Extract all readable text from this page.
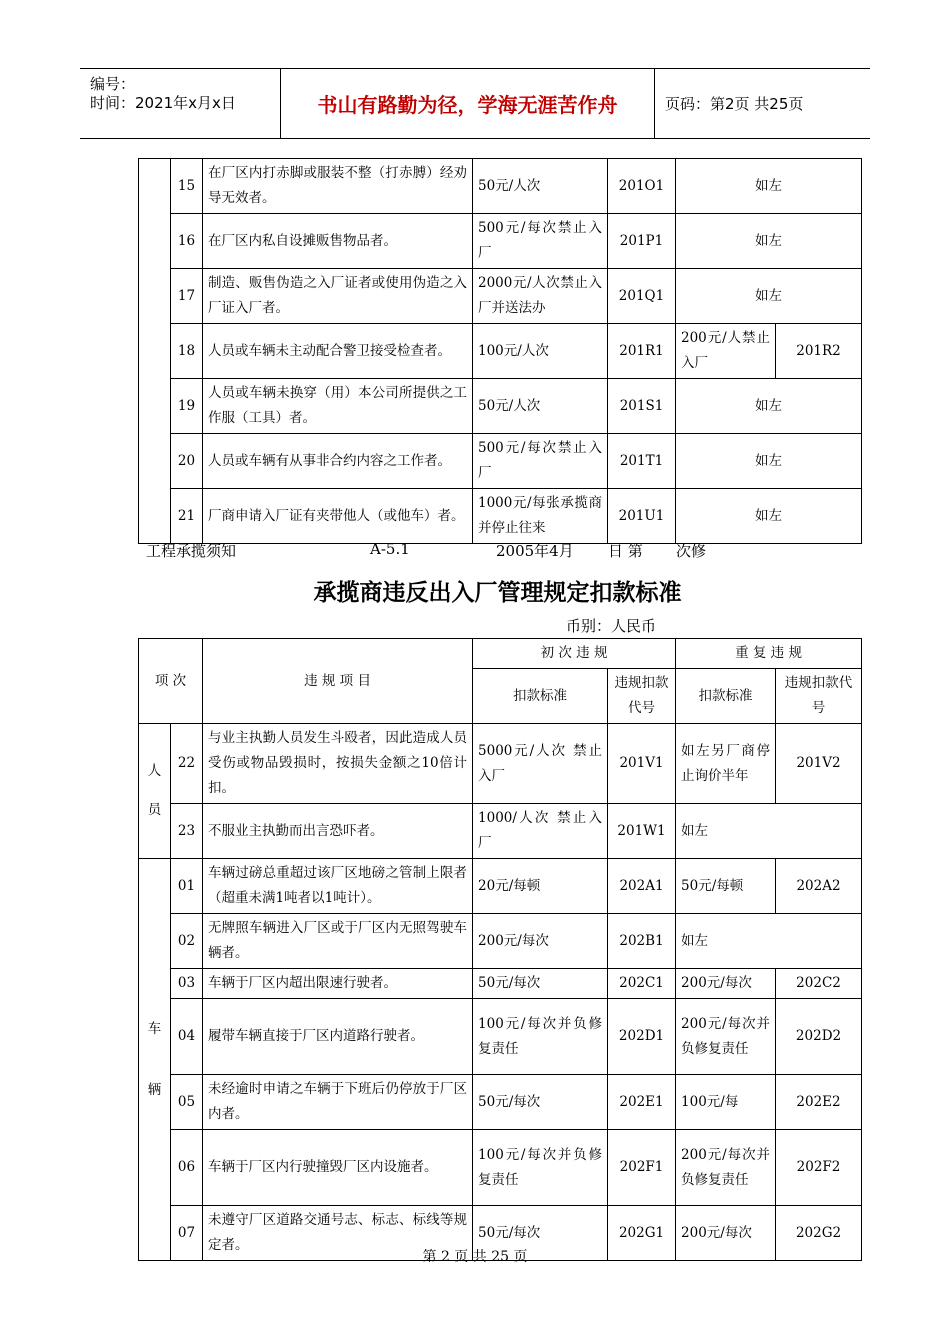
编号：
时间：2021年x月x日	书山有路勤为径，学海无涯苦作舟	页码：第2页 共25页
	15	在厂区内打赤脚或服装不整（打赤膊）经劝导无效者。	50元/人次	201O1	如左	
	16	在厂区内私自设摊贩售物品者。	500元/每次禁止入厂	201P1	如左	
	17	制造、贩售伪造之入厂证者或使用伪造之入厂证入厂者。	2000元/人次禁止入厂并送法办	201Q1	如左	
	18	人员或车辆未主动配合警卫接受检查者。	100元/人次	201R1	200元/人禁止入厂	201R2
	19	人员或车辆未换穿（用）本公司所提供之工作服（工具）者。	50元/人次	201S1	如左	
	20	人员或车辆有从事非合约内容之工作者。	500元/每次禁止入厂	201T1	如左	
	21	厂商申请入厂证有夹带他人（或他车）者。	1000元/每张承揽商并停止往来	201U1	如左	
工程承揽须知	A-5.1	2005年4月 日 第 次修
承揽商违反出入厂管理规定扣款标准
币别：人民币
项 次		违 规 项 目	初 次 违 规		重 复 违 规	
			扣款标准	违规扣款代号	扣款标准	违规扣款代号

人
员	22	与业主执勤人员发生斗殴者，因此造成人员受伤或物品毁损时，按损失金额之10倍计扣。	5000元/人次 禁止入厂	201V1	如左另厂商停止询价半年	201V2
	23	不服业主执勤而出言恐吓者。	1000/人次 禁止入厂	201W1	如左	

车
辆	01	车辆过磅总重超过该厂区地磅之管制上限者（超重未满1吨者以1吨计）。	20元/每顿	202A1	50元/每顿	202A2
	02	无牌照车辆进入厂区或于厂区内无照驾驶车辆者。	200元/每次	202B1	如左	
	03	车辆于厂区内超出限速行驶者。	50元/每次	202C1	200元/每次	202C2
	04	履带车辆直接于厂区内道路行驶者。	100元/每次并负修复责任	202D1	200元/每次并负修复责任	202D2
	05	未经逾时申请之车辆于下班后仍停放于厂区内者。	50元/每次	202E1	100元/每	202E2
	06	车辆于厂区内行驶撞毁厂区内设施者。	100元/每次并负修复责任	202F1	200元/每次并负修复责任	202F2
	07	未遵守厂区道路交通号志、标志、标线等规定者。	50元/每次	202G1	200元/每次	202G2
第 2 页 共 25 页
